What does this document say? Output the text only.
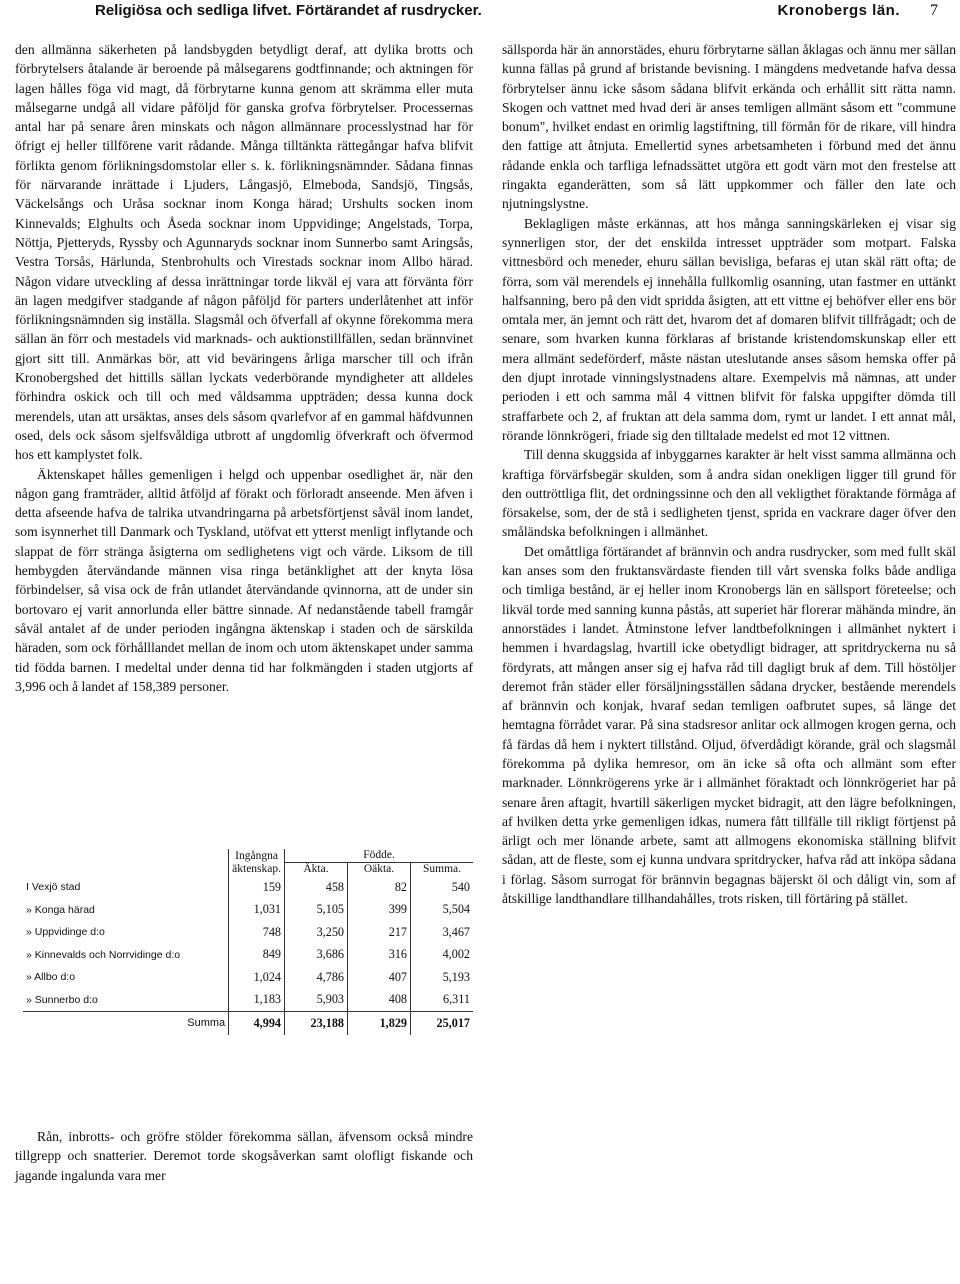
Religiösa och sedliga lifvet. Förtärandet af rusdrycker.	Kronobergs län. 7

den allmänna säkerheten på landsbygden betydligt deraf, att dylika brotts och förbrytelsers åtalande är beroende på målsegarens godtfinnande; och aktningen för lagen hålles föga vid magt, då förbrytarne kunna genom att skrämma eller muta målsegarne undgå all vidare påföljd för ganska grofva förbrytelser. Processernas antal har på senare åren minskats och någon allmännare processlystnad har för öfrigt ej heller tillförene varit rådande. Många tilltänkta rättegångar hafva blifvit förlikta genom förlikningsdomstolar eller s. k. förlikningsnämnder. Sådana finnas för närvarande inrättade i Ljuders, Långasjö, Elmeboda, Sandsjö, Tingsås, Väckelsångs och Uråsa socknar inom Konga härad; Urshults socken inom Kinnevalds; Elghults och Åseda socknar inom Uppvidinge; Angelstads, Torpa, Nöttja, Pjetteryds, Ryssby och Agunnaryds socknar inom Sunnerbo samt Aringsås, Vestra Torsås, Härlunda, Stenbrohults och Virestads socknar inom Allbo härad. Någon vidare utveckling af dessa inrättningar torde likväl ej vara att förvänta förr än lagen medgifver stadgande af någon påföljd för parters underlåtenhet att inför förlikningsnämnden sig inställa. Slagsmål och öfverfall af okynne förekomma mera sällan än förr och mestadels vid marknads- och auktionstillfällen, sedan brännvinet gjort sitt till. Anmärkas bör, att vid beväringens årliga marscher till och ifrån Kronobergshed det hittills sällan lyckats vederbörande myndigheter att alldeles förhindra oskick och till och med våldsamma uppträden; dessa kunna dock merendels, utan att ursäktas, anses dels såsom qvarlefvor af en gammal häfdvunnen osed, dels ock såsom sjelfsvåldiga utbrott af ungdomlig öfverkraft och öfvermod hos ett kamplystet folk.

Äktenskapet hålles gemenligen i helgd och uppenbar osedlighet är, när den någon gang framträder, alltid åtföljd af förakt och förloradt anseende. Men äfven i detta afseende hafva de talrika utvandringarna på arbetsförtjenst såväl inom landet, som isynnerhet till Danmark och Tyskland, utöfvat ett ytterst menligt inflytande och slappat de förr stränga åsigterna om sedlighetens vigt och värde. Liksom de till hembygden återvändande männen visa ringa betänklighet att der knyta lösa förbindelser, så visa ock de från utlandet återvändande qvinnorna, att de under sin bortovaro ej varit annorlunda eller bättre sinnade. Af nedanstående tabell framgår såväl antalet af de under perioden ingångna äktenskap i staden och de särskilda häraden, som ock förhålllandet mellan de inom och utom äktenskapet under samma tid födda barnen. I medeltal under denna tid har folkmängden i staden utgjorts af 3,996 och å landet af 158,389 personer.

	Ingångna äktenskap.	Födde.		
		Äkta.	Oäkta.	Summa.
I Vexjö stad	159	458	82	540
» Konga härad	1,031	5,105	399	5,504
» Uppvidinge d:o	748	3,250	217	3,467
» Kinnevalds och Norrvidinge d:o	849	3,686	316	4,002
» Allbo d:o	1,024	4,786	407	5,193
» Sunnerbo d:o	1,183	5,903	408	6,311
Summa	4,994	23,188	1,829	25,017

Rån, inbrotts- och gröfre stölder förekomma sällan, äfvensom också mindre tillgrepp och snatterier. Deremot torde skogsåverkan samt olofligt fiskande och jagande ingalunda vara mer

sällsporda här än annorstädes, ehuru förbrytarne sällan åklagas och ännu mer sällan kunna fällas på grund af bristande bevisning. I mängdens medvetande hafva dessa förbrytelser ännu icke såsom sådana blifvit erkända och erhållit sitt rätta namn. Skogen och vattnet med hvad deri är anses temligen allmänt såsom ett "commune bonum", hvilket endast en orimlig lagstiftning, till förmån för de rikare, vill hindra den fattige att åtnjuta. Emellertid synes arbetsamheten i förbund med det ännu rådande enkla och tarfliga lefnadssättet utgöra ett godt värn mot den frestelse att ringakta eganderätten, som så lätt uppkommer och fäller den late och njutningslystne.

Beklagligen måste erkännas, att hos många sanningskärleken ej visar sig synnerligen stor, der det enskilda intresset uppträder som motpart. Falska vittnesbörd och meneder, ehuru sällan bevisliga, befaras ej utan skäl rätt ofta; de förra, som väl merendels ej innehålla fullkomlig osanning, utan fastmer en uttänkt halfsanning, bero på den vidt spridda åsigten, att ett vittne ej behöfver eller ens bör omtala mer, än jemnt och rätt det, hvarom det af domaren blifvit tillfrågadt; och de senare, som hvarken kunna förklaras af bristande kristendomskunskap eller ett mera allmänt sedeförderf, måste nästan uteslutande anses såsom hemska offer på den djupt inrotade vinningslystnadens altare. Exempelvis må nämnas, att under perioden i ett och samma mål 4 vittnen blifvit för falska uppgifter dömda till straffarbete och 2, af fruktan att dela samma dom, rymt ur landet. I ett annat mål, rörande lönnkrögeri, friade sig den tilltalade medelst ed mot 12 vittnen.

Till denna skuggsida af inbyggarnes karakter är helt visst samma allmänna och kraftiga förvärfsbegär skulden, som å andra sidan onekligen ligger till grund för den outtröttliga flit, det ordningssinne och den all vekligthet föraktande förmåga af försakelse, som, der de stå i sedligheten tjenst, sprida en vackrare dager öfver den småländska befolkningen i allmänhet.

Det omåttliga förtärandet af brännvin och andra rusdrycker, som med fullt skäl kan anses som den fruktansvärdaste fienden till vårt svenska folks både andliga och timliga bestånd, är ej heller inom Kronobergs län en sällsport företeelse; och likväl torde med sanning kunna påstås, att superiet här florerar mähända mindre, än annorstädes i landet. Åtminstone lefver landtbefolkningen i allmänhet nyktert i hemmen i hvardagslag, hvartill icke obetydligt bidrager, att spritdryckerna nu så fördyrats, att mången anser sig ej hafva råd till dagligt bruk af dem. Till höstöljer deremot från städer eller försäljningsställen sådana drycker, bestående merendels af brännvin och konjak, hvaraf sedan temligen oafbrutet supes, så länge det hemtagna förrådet varar. På sina stadsresor anlitar ock allmogen krogen gerna, och få färdas då hem i nyktert tillstånd. Oljud, öfverdådigt körande, gräl och slagsmål förekomma på dylika hemresor, om än icke så ofta och allmänt som efter marknader. Lönnkrögerens yrke är i allmänhet föraktadt och lönnkrögeriet har på senare åren aftagit, hvartill säkerligen mycket bidragit, att den lägre befolkningen, af hvilken detta yrke gemenligen idkas, numera fått tillfälle till rikligt förtjenst på ärligt och mer lönande arbete, samt att allmogens ekonomiska ställning blifvit sådan, att de fleste, som ej kunna undvara spritdrycker, hafva råd att inköpa sådana i förlag. Såsom surrogat för brännvin begagnas bäjerskt öl och dåligt vin, som af åtskillige landthandlare tillhandahålles, trots risken, till förtäring på stället.
